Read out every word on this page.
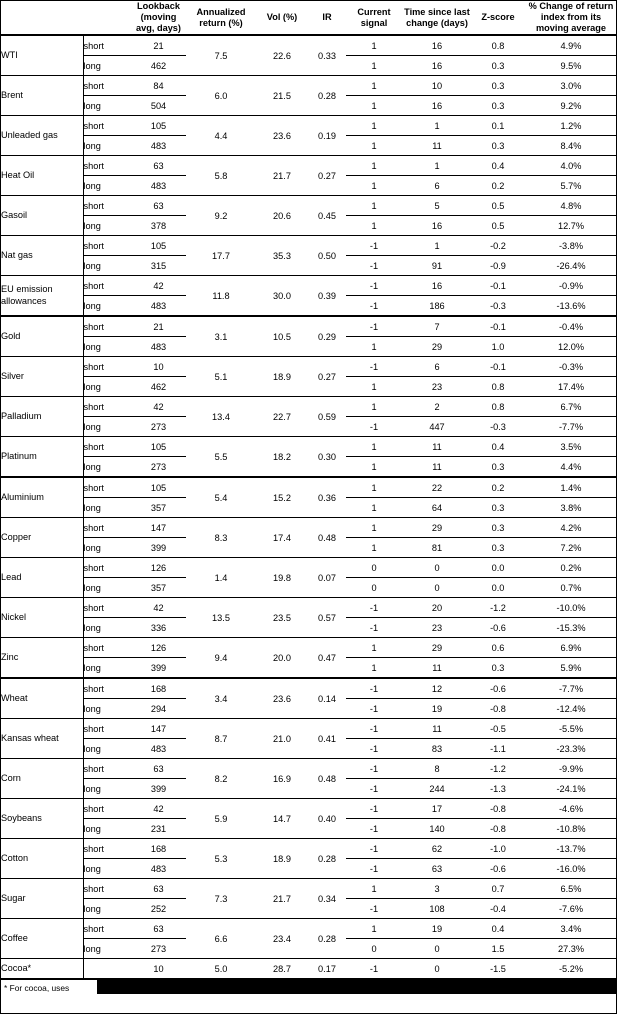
		Lookback (moving avg, days)	Annualized return (%)	Vol (%)	IR	Current signal	Time since last change (days)	Z-score	% Change of return index from its moving average
WTI	short	21	7.5	22.6	0.33	1	16	0.8	4.9%
	long	462				1	16	0.3	9.5%
Brent	short	84	6.0	21.5	0.28	1	10	0.3	3.0%
	long	504				1	16	0.3	9.2%
Unleaded gas	short	105	4.4	23.6	0.19	1	1	0.1	1.2%
	long	483				1	11	0.3	8.4%
Heat Oil	short	63	5.8	21.7	0.27	1	1	0.4	4.0%
	long	483				1	6	0.2	5.7%
Gasoil	short	63	9.2	20.6	0.45	1	5	0.5	4.8%
	long	378				1	16	0.5	12.7%
Nat gas	short	105	17.7	35.3	0.50	-1	1	-0.2	-3.8%
	long	315				-1	91	-0.9	-26.4%
EU emission allowances	short	42	11.8	30.0	0.39	-1	16	-0.1	-0.9%
	long	483				-1	186	-0.3	-13.6%
Gold	short	21	3.1	10.5	0.29	-1	7	-0.1	-0.4%
	long	483				1	29	1.0	12.0%
Silver	short	10	5.1	18.9	0.27	-1	6	-0.1	-0.3%
	long	462				1	23	0.8	17.4%
Palladium	short	42	13.4	22.7	0.59	1	2	0.8	6.7%
	long	273				-1	447	-0.3	-7.7%
Platinum	short	105	5.5	18.2	0.30	1	11	0.4	3.5%
	long	273				1	11	0.3	4.4%
Aluminium	short	105	5.4	15.2	0.36	1	22	0.2	1.4%
	long	357				1	64	0.3	3.8%
Copper	short	147	8.3	17.4	0.48	1	29	0.3	4.2%
	long	399				1	81	0.3	7.2%
Lead	short	126	1.4	19.8	0.07	0	0	0.0	0.2%
	long	357				0	0	0.0	0.7%
Nickel	short	42	13.5	23.5	0.57	-1	20	-1.2	-10.0%
	long	336				-1	23	-0.6	-15.3%
Zinc	short	126	9.4	20.0	0.47	1	29	0.6	6.9%
	long	399				1	11	0.3	5.9%
Wheat	short	168	3.4	23.6	0.14	-1	12	-0.6	-7.7%
	long	294				-1	19	-0.8	-12.4%
Kansas wheat	short	147	8.7	21.0	0.41	-1	11	-0.5	-5.5%
	long	483				-1	83	-1.1	-23.3%
Corn	short	63	8.2	16.9	0.48	-1	8	-1.2	-9.9%
	long	399				-1	244	-1.3	-24.1%
Soybeans	short	42	5.9	14.7	0.40	-1	17	-0.8	-4.6%
	long	231				-1	140	-0.8	-10.8%
Cotton	short	168	5.3	18.9	0.28	-1	62	-1.0	-13.7%
	long	483				-1	63	-0.6	-16.0%
Sugar	short	63	7.3	21.7	0.34	1	3	0.7	6.5%
	long	252				-1	108	-0.4	-7.6%
Coffee	short	63	6.6	23.4	0.28	1	19	0.4	3.4%
	long	273				0	0	1.5	27.3%
Cocoa*		10	5.0	28.7	0.17	-1	0	-1.5	-5.2%
* For cocoa, uses
